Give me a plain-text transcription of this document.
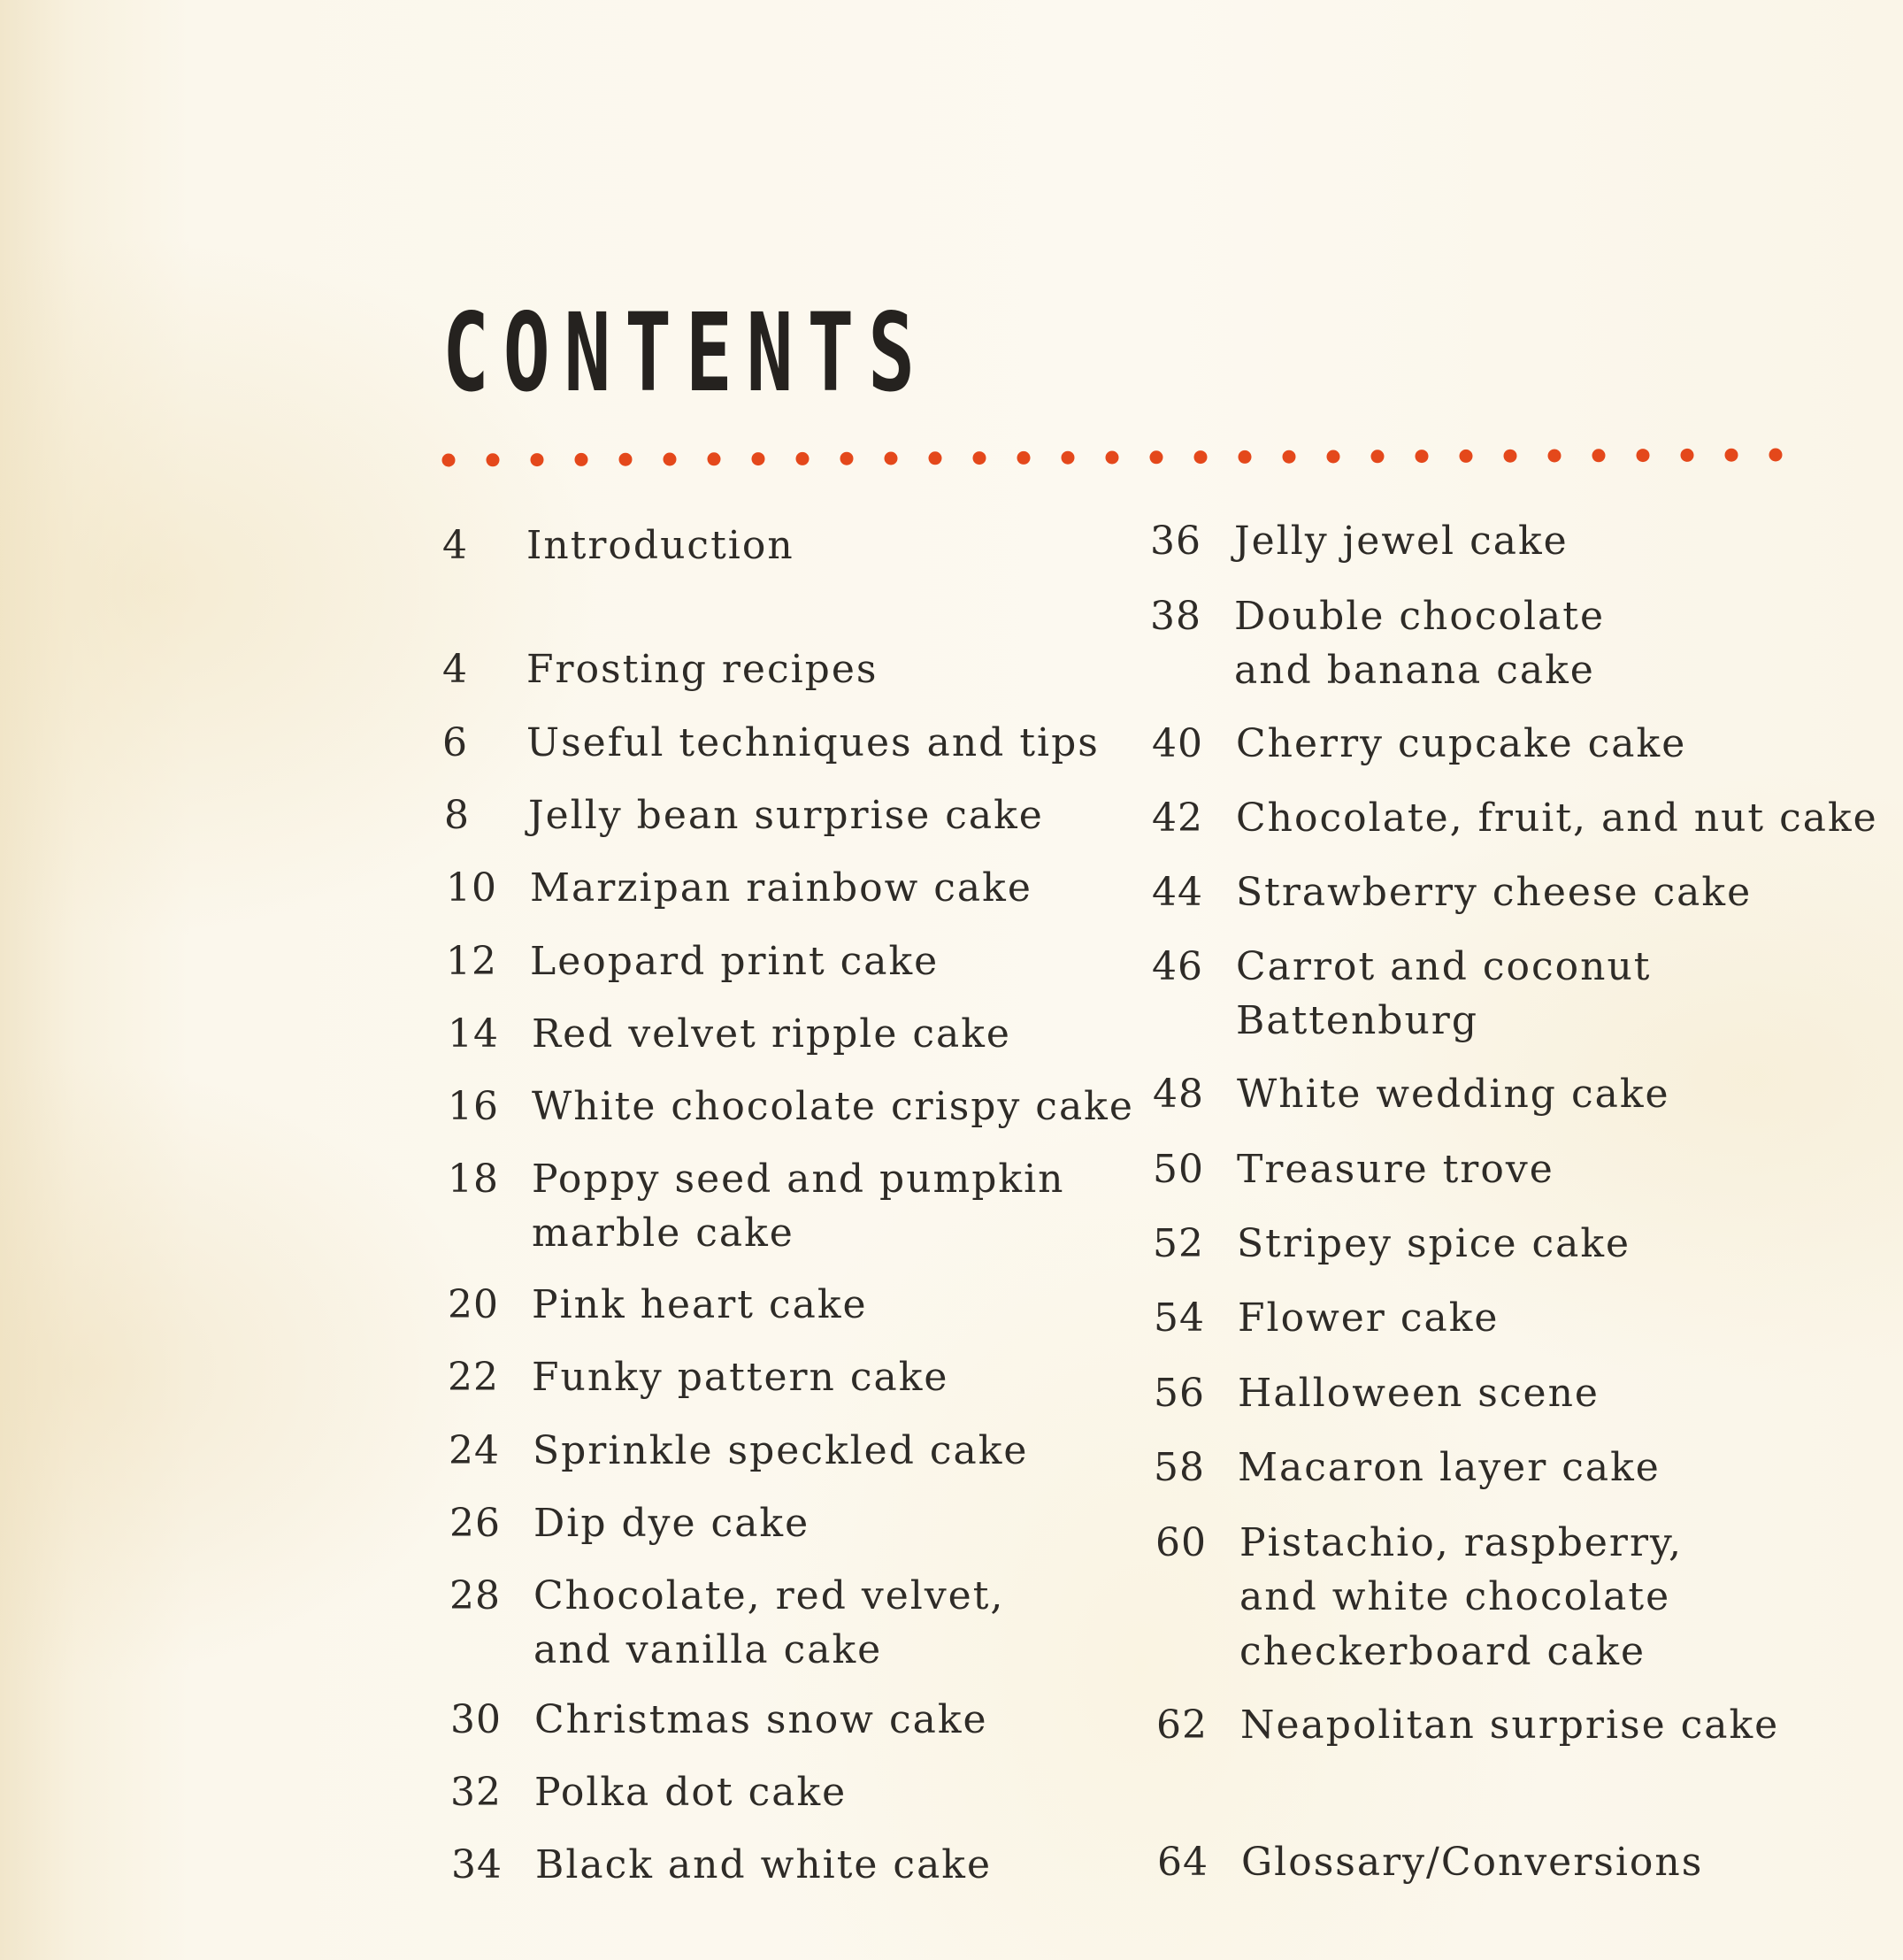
CONTENTS
4 Introduction
4 Frosting recipes
6 Useful techniques and tips
8 Jelly bean surprise cake
10 Marzipan rainbow cake
12 Leopard print cake
14 Red velvet ripple cake
16 White chocolate crispy cake
18 Poppy seed and pumpkin
marble cake
20 Pink heart cake
22 Funky pattern cake
24 Sprinkle speckled cake
26 Dip dye cake
28 Chocolate, red velvet,
and vanilla cake
30 Christmas snow cake
32 Polka dot cake
34 Black and white cake
36 Jelly jewel cake
38 Double chocolate
and banana cake
40 Cherry cupcake cake
42 Chocolate, fruit, and nut cake
44 Strawberry cheese cake
46 Carrot and coconut
Battenburg
48 White wedding cake
50 Treasure trove
52 Stripey spice cake
54 Flower cake
56 Halloween scene
58 Macaron layer cake
60 Pistachio, raspberry,
and white chocolate
checkerboard cake
62 Neapolitan surprise cake
64 Glossary/Conversions
